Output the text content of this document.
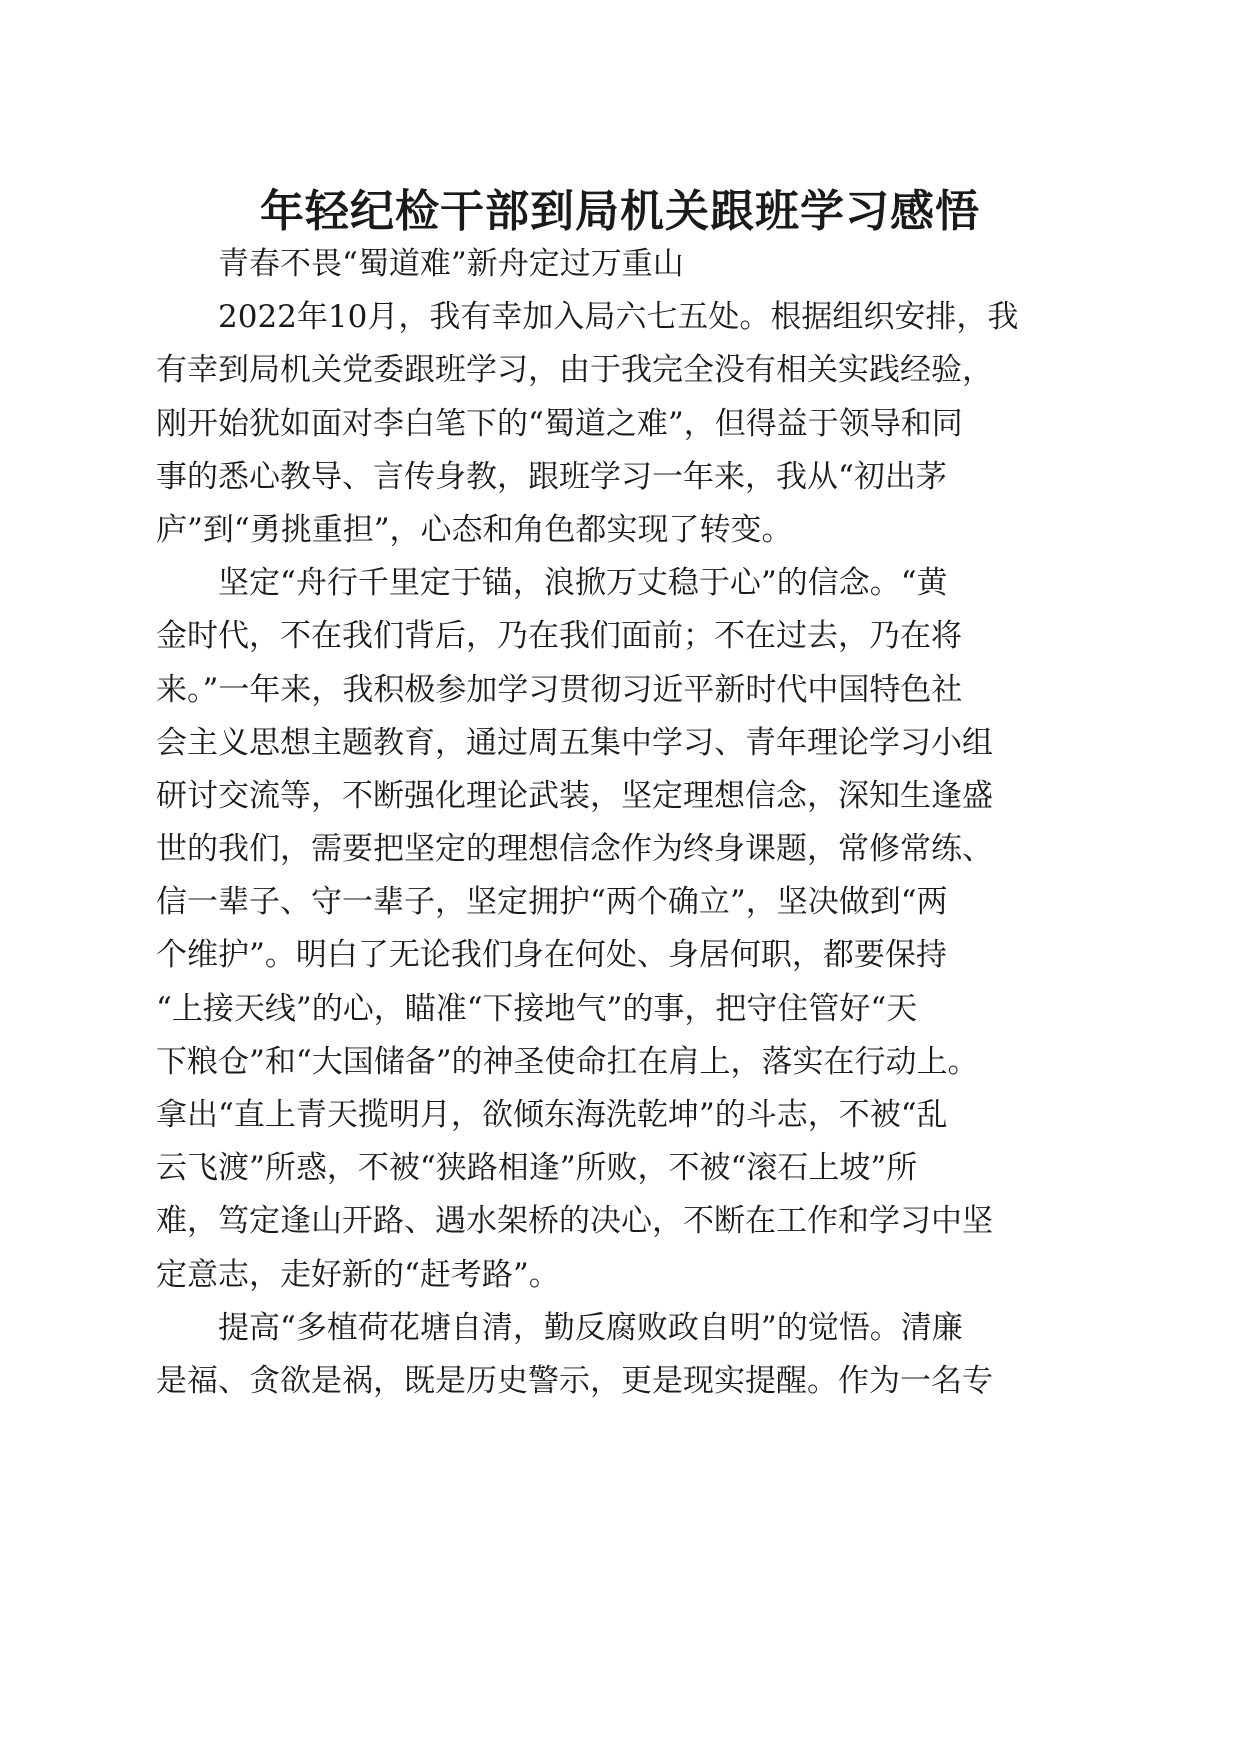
年轻纪检干部到局机关跟班学习感悟
青春不畏“蜀道难”新舟定过万重山
2022年10月，我有幸加入局六七五处。根据组织安排，我
有幸到局机关党委跟班学习，由于我完全没有相关实践经验，
刚开始犹如面对李白笔下的“蜀道之难”，但得益于领导和同
事的悉心教导、言传身教，跟班学习一年来，我从“初出茅
庐”到“勇挑重担”，心态和角色都实现了转变。
坚定“舟行千里定于锚，浪掀万丈稳于心”的信念。“黄
金时代，不在我们背后，乃在我们面前；不在过去，乃在将
来。”一年来，我积极参加学习贯彻习近平新时代中国特色社
会主义思想主题教育，通过周五集中学习、青年理论学习小组
研讨交流等，不断强化理论武装，坚定理想信念，深知生逢盛
世的我们，需要把坚定的理想信念作为终身课题，常修常练、
信一辈子、守一辈子，坚定拥护“两个确立”，坚决做到“两
个维护”。明白了无论我们身在何处、身居何职，都要保持
“上接天线”的心，瞄准“下接地气”的事，把守住管好“天
下粮仓”和“大国储备”的神圣使命扛在肩上，落实在行动上。
拿出“直上青天揽明月，欲倾东海洗乾坤”的斗志，不被“乱
云飞渡”所惑，不被“狭路相逢”所败，不被“滚石上坡”所
难，笃定逢山开路、遇水架桥的决心，不断在工作和学习中坚
定意志，走好新的“赶考路”。
提高“多植荷花塘自清，勤反腐败政自明”的觉悟。清廉
是福、贪欲是祸，既是历史警示，更是现实提醒。作为一名专
